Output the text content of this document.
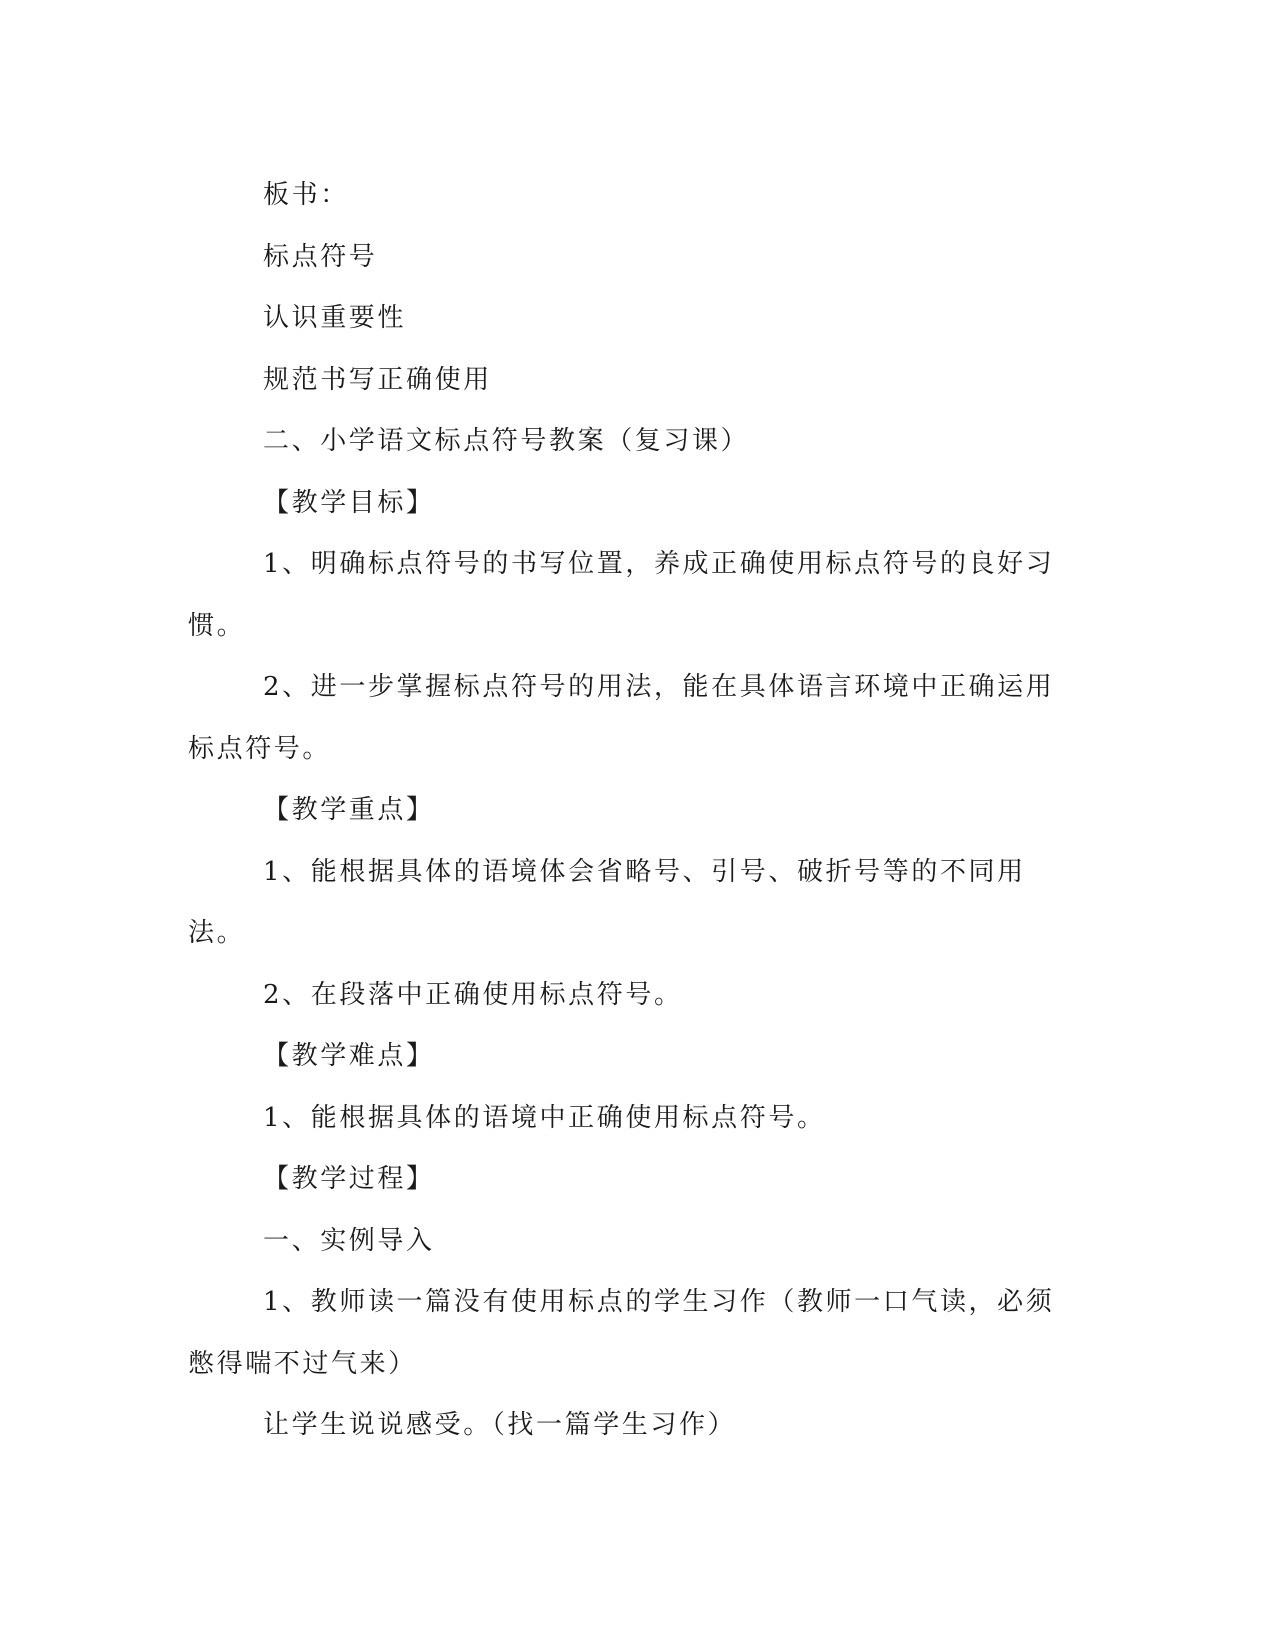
板书：

标点符号

认识重要性

规范书写正确使用

二、小学语文标点符号教案（复习课）

【教学目标】

1、明确标点符号的书写位置，养成正确使用标点符号的良好习惯。

2、进一步掌握标点符号的用法，能在具体语言环境中正确运用标点符号。

【教学重点】

1、能根据具体的语境体会省略号、引号、破折号等的不同用法。

2、在段落中正确使用标点符号。

【教学难点】

1、能根据具体的语境中正确使用标点符号。

【教学过程】

一、实例导入

1、教师读一篇没有使用标点的学生习作（教师一口气读，必须憋得喘不过气来）

让学生说说感受。（找一篇学生习作）
